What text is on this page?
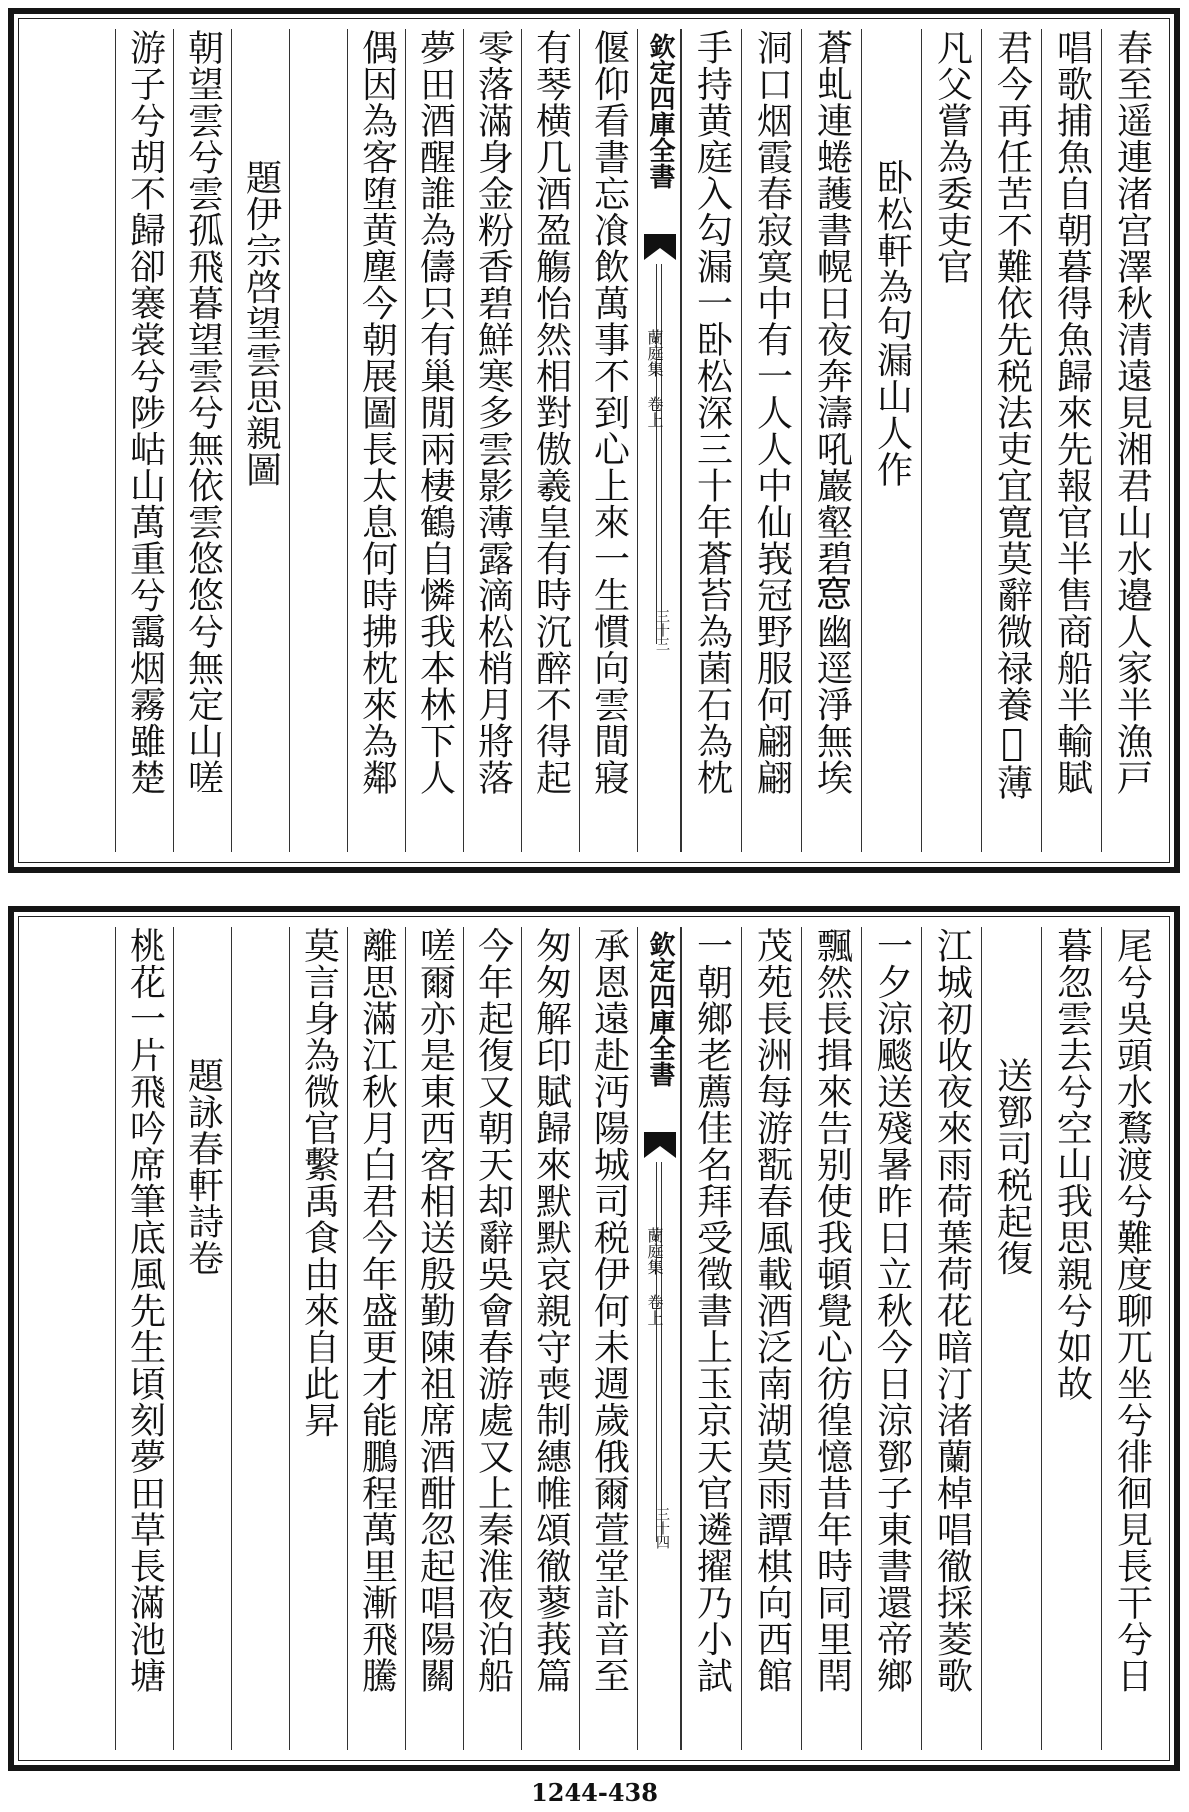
春至遥連渚宫澤秋清遠見湘君山水邉人家半漁戸
唱歌捕魚自朝暮得魚歸來先報官半售商船半輸賦
君今再任苦不難依先税法吏宜寛莫辭微禄養𫊸薄
凡父嘗為委吏官
卧松軒為句漏山人作
蒼虬連蜷䕶書幌日夜奔濤吼巖壑碧𥦗幽逕淨無埃
洞口烟霞春寂寞中有一人人中仙峩冠野服何翩翩
手持黄庭入勾漏一卧松深三十年蒼苔為菌石為枕
欽定四庫全書
蘭庭集 卷上
三十三
偃仰看書忘飡飲萬事不到心上來一生慣向雲間寢
有琴横几酒盈觴怡然相對傲羲皇有時沉醉不得起
零落滿身金粉香碧鮮寒多雲影薄露滴松梢月將落
夢田酒醒誰為儔只有巢閒兩棲鶴自憐我本林下人
偶因為客堕黄塵今朝展圖長太息何時拂枕來為鄰
題伊宗啓望雲思親圖
朝望雲兮雲孤飛暮望雲兮無依雲悠悠兮無定山嗟
游子兮胡不歸卻褰裳兮陟岵山萬重兮靄烟霧雖楚
尾兮吳頭水鶩渡兮難度聊兀坐兮徘徊見長干兮日
暮忽雲去兮空山我思親兮如故
送鄧司税起復
江城初收夜來雨荷葉荷花暗汀渚蘭棹唱徹採菱歌
一夕涼颷送殘暑昨日立秋今日涼鄧子東書還帝鄉
飄然長揖來告别使我頓覺心彷徨憶昔年時同里閈
茂苑長洲每游翫春風載酒泛南湖莫雨譚棋向西館
一朝鄉老薦佳名拜受徵書上玉京天官遴擢乃小試
欽定四庫全書
蘭庭集 卷上
三十四
承恩遠赴沔陽城司税伊何未週歲俄爾萱堂訃音至
匆匆解印賦歸來默默哀親守喪制繐帷頌徹蓼莪篇
今年起復又朝天却辭吳會春游處又上秦淮夜泊船
嗟爾亦是東西客相送殷勤陳祖席酒酣忽起唱陽關
離思滿江秋月白君今年盛更才能鵬程萬里漸飛騰
莫言身為微官繫禹食由來自此昇
題詠春軒詩卷
桃花一片飛吟席筆底風先生頃刻夢田草長滿池塘
1244-438
